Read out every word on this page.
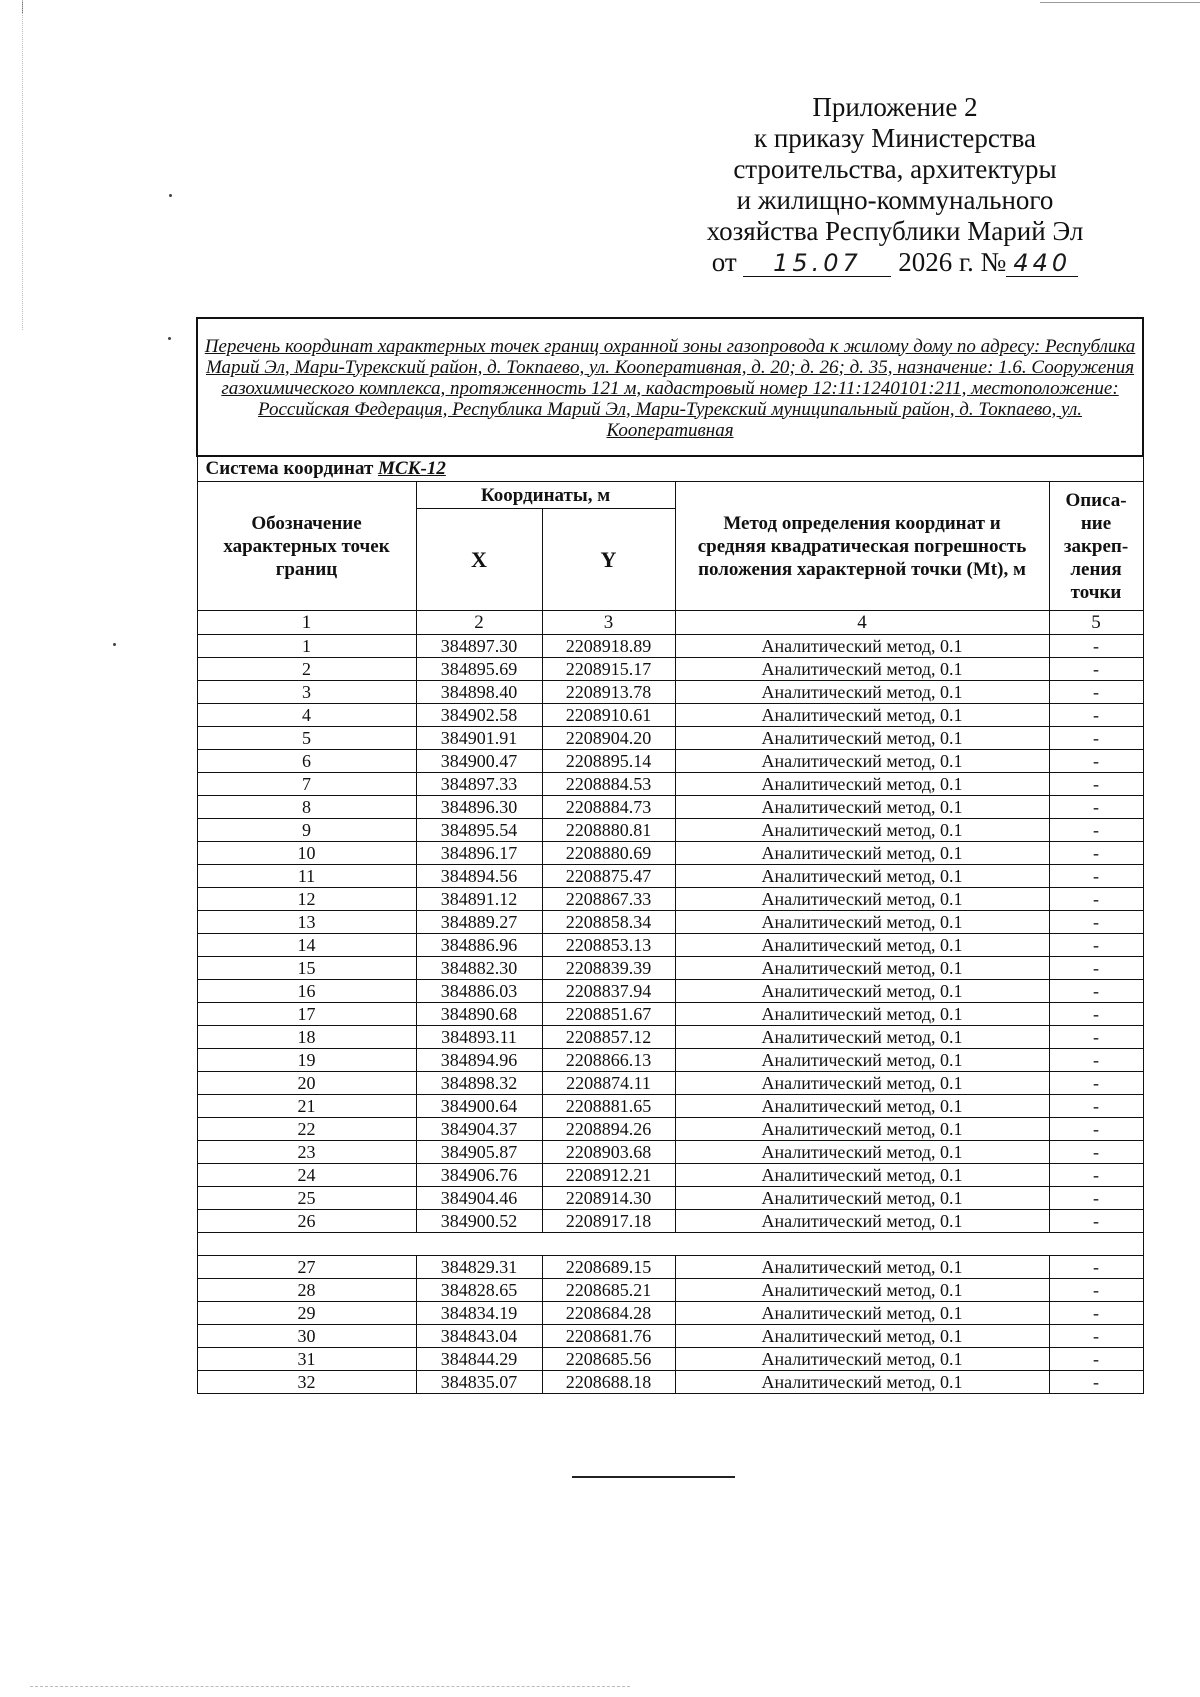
Приложение 2
к приказу Министерства
строительства, архитектуры
и жилищно-коммунального
хозяйства Республики Марий Эл
от 15.07 2026 г. № 440
Перечень координат характерных точек границ охранной зоны газопровода к жилому дому по адресу: Республика Марий Эл, Мари-Турекский район, д. Токпаево, ул. Кооперативная, д. 20; д. 26; д. 35, назначение: 1.6. Сооружения газохимического комплекса, протяженность 121 м, кадастровый номер 12:11:1240101:211, местоположение: Российская Федерация, Республика Марий Эл, Мари-Турекский муниципальный район, д. Токпаево, ул. Кооперативная				
Система координат МСК-12				
Обозначение характерных точек границ	Координаты, м		Метод определения координат и средняя квадратическая погрешность положения характерной точки (Mt), м	Описа-ние закреп-ления точки
	X	Y		
1	2	3	4	5
1	384897.30	2208918.89	Аналитический метод, 0.1	-
2	384895.69	2208915.17	Аналитический метод, 0.1	-
3	384898.40	2208913.78	Аналитический метод, 0.1	-
4	384902.58	2208910.61	Аналитический метод, 0.1	-
5	384901.91	2208904.20	Аналитический метод, 0.1	-
6	384900.47	2208895.14	Аналитический метод, 0.1	-
7	384897.33	2208884.53	Аналитический метод, 0.1	-
8	384896.30	2208884.73	Аналитический метод, 0.1	-
9	384895.54	2208880.81	Аналитический метод, 0.1	-
10	384896.17	2208880.69	Аналитический метод, 0.1	-
11	384894.56	2208875.47	Аналитический метод, 0.1	-
12	384891.12	2208867.33	Аналитический метод, 0.1	-
13	384889.27	2208858.34	Аналитический метод, 0.1	-
14	384886.96	2208853.13	Аналитический метод, 0.1	-
15	384882.30	2208839.39	Аналитический метод, 0.1	-
16	384886.03	2208837.94	Аналитический метод, 0.1	-
17	384890.68	2208851.67	Аналитический метод, 0.1	-
18	384893.11	2208857.12	Аналитический метод, 0.1	-
19	384894.96	2208866.13	Аналитический метод, 0.1	-
20	384898.32	2208874.11	Аналитический метод, 0.1	-
21	384900.64	2208881.65	Аналитический метод, 0.1	-
22	384904.37	2208894.26	Аналитический метод, 0.1	-
23	384905.87	2208903.68	Аналитический метод, 0.1	-
24	384906.76	2208912.21	Аналитический метод, 0.1	-
25	384904.46	2208914.30	Аналитический метод, 0.1	-
26	384900.52	2208917.18	Аналитический метод, 0.1	-

27	384829.31	2208689.15	Аналитический метод, 0.1	-
28	384828.65	2208685.21	Аналитический метод, 0.1	-
29	384834.19	2208684.28	Аналитический метод, 0.1	-
30	384843.04	2208681.76	Аналитический метод, 0.1	-
31	384844.29	2208685.56	Аналитический метод, 0.1	-
32	384835.07	2208688.18	Аналитический метод, 0.1	-
